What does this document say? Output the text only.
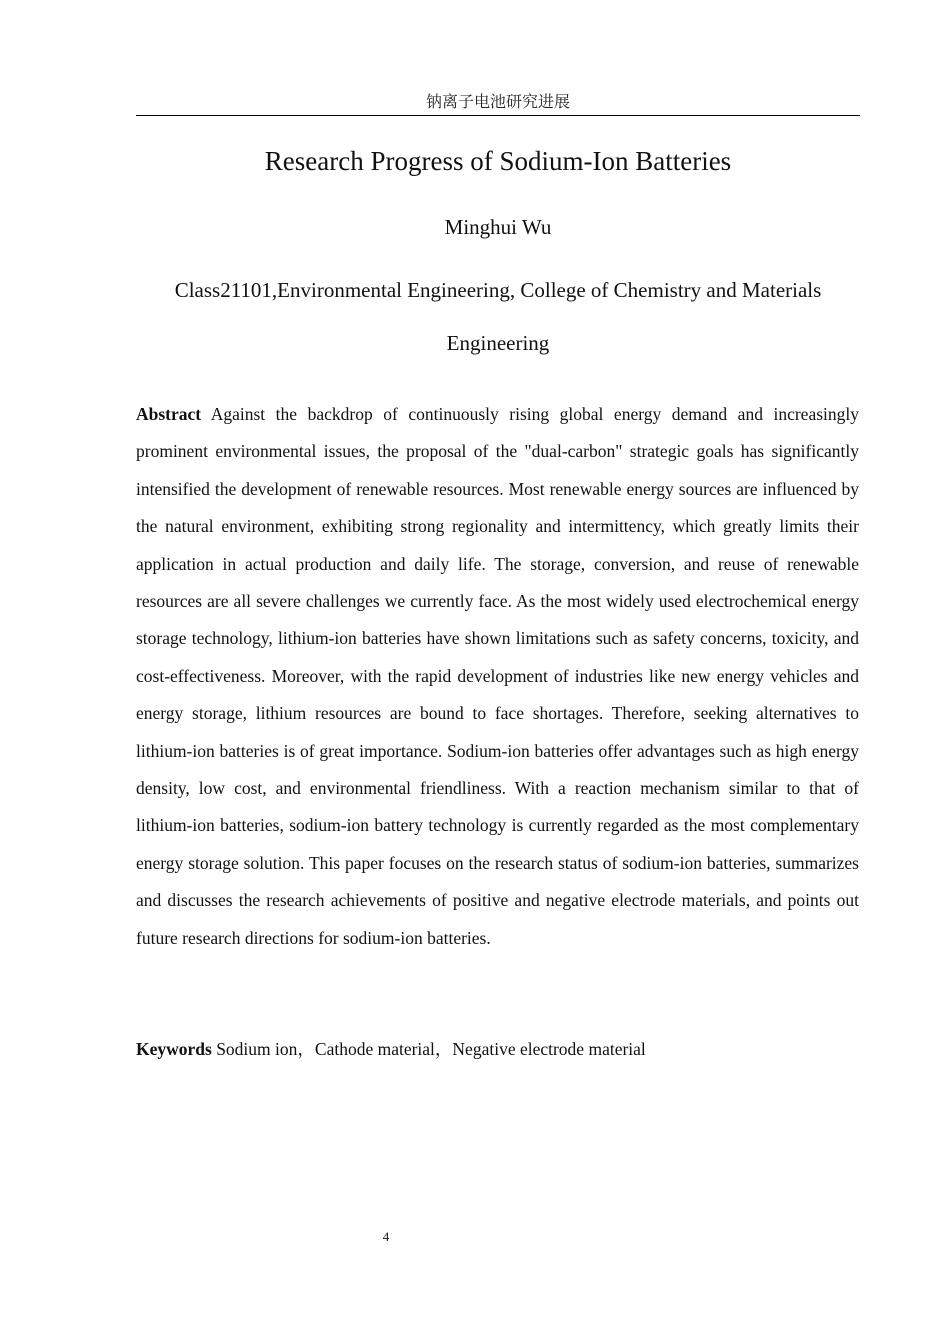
钠离子电池研究进展
Research Progress of Sodium-Ion Batteries
Minghui Wu
Class21101,Environmental Engineering, College of Chemistry and Materials
Engineering

Abstract Against the backdrop of continuously rising global energy demand and increasingly prominent environmental issues, the proposal of the "dual-carbon" strategic goals has significantly intensified the development of renewable resources. Most renewable energy sources are influenced by the natural environment, exhibiting strong regionality and intermittency, which greatly limits their application in actual production and daily life. The storage, conversion, and reuse of renewable resources are all severe challenges we currently face. As the most widely used electrochemical energy storage technology, lithium-ion batteries have shown limitations such as safety concerns, toxicity, and cost-effectiveness. Moreover, with the rapid development of industries like new energy vehicles and energy storage, lithium resources are bound to face shortages. Therefore, seeking alternatives to lithium-ion batteries is of great importance. Sodium-ion batteries offer advantages such as high energy density, low cost, and environmental friendliness. With a reaction mechanism similar to that of lithium-ion batteries, sodium-ion battery technology is currently regarded as the most complementary energy storage solution. This paper focuses on the research status of sodium-ion batteries, summarizes and discusses the research achievements of positive and negative electrode materials, and points out future research directions for sodium-ion batteries.

Keywords Sodium ion，Cathode material，Negative electrode material

4
